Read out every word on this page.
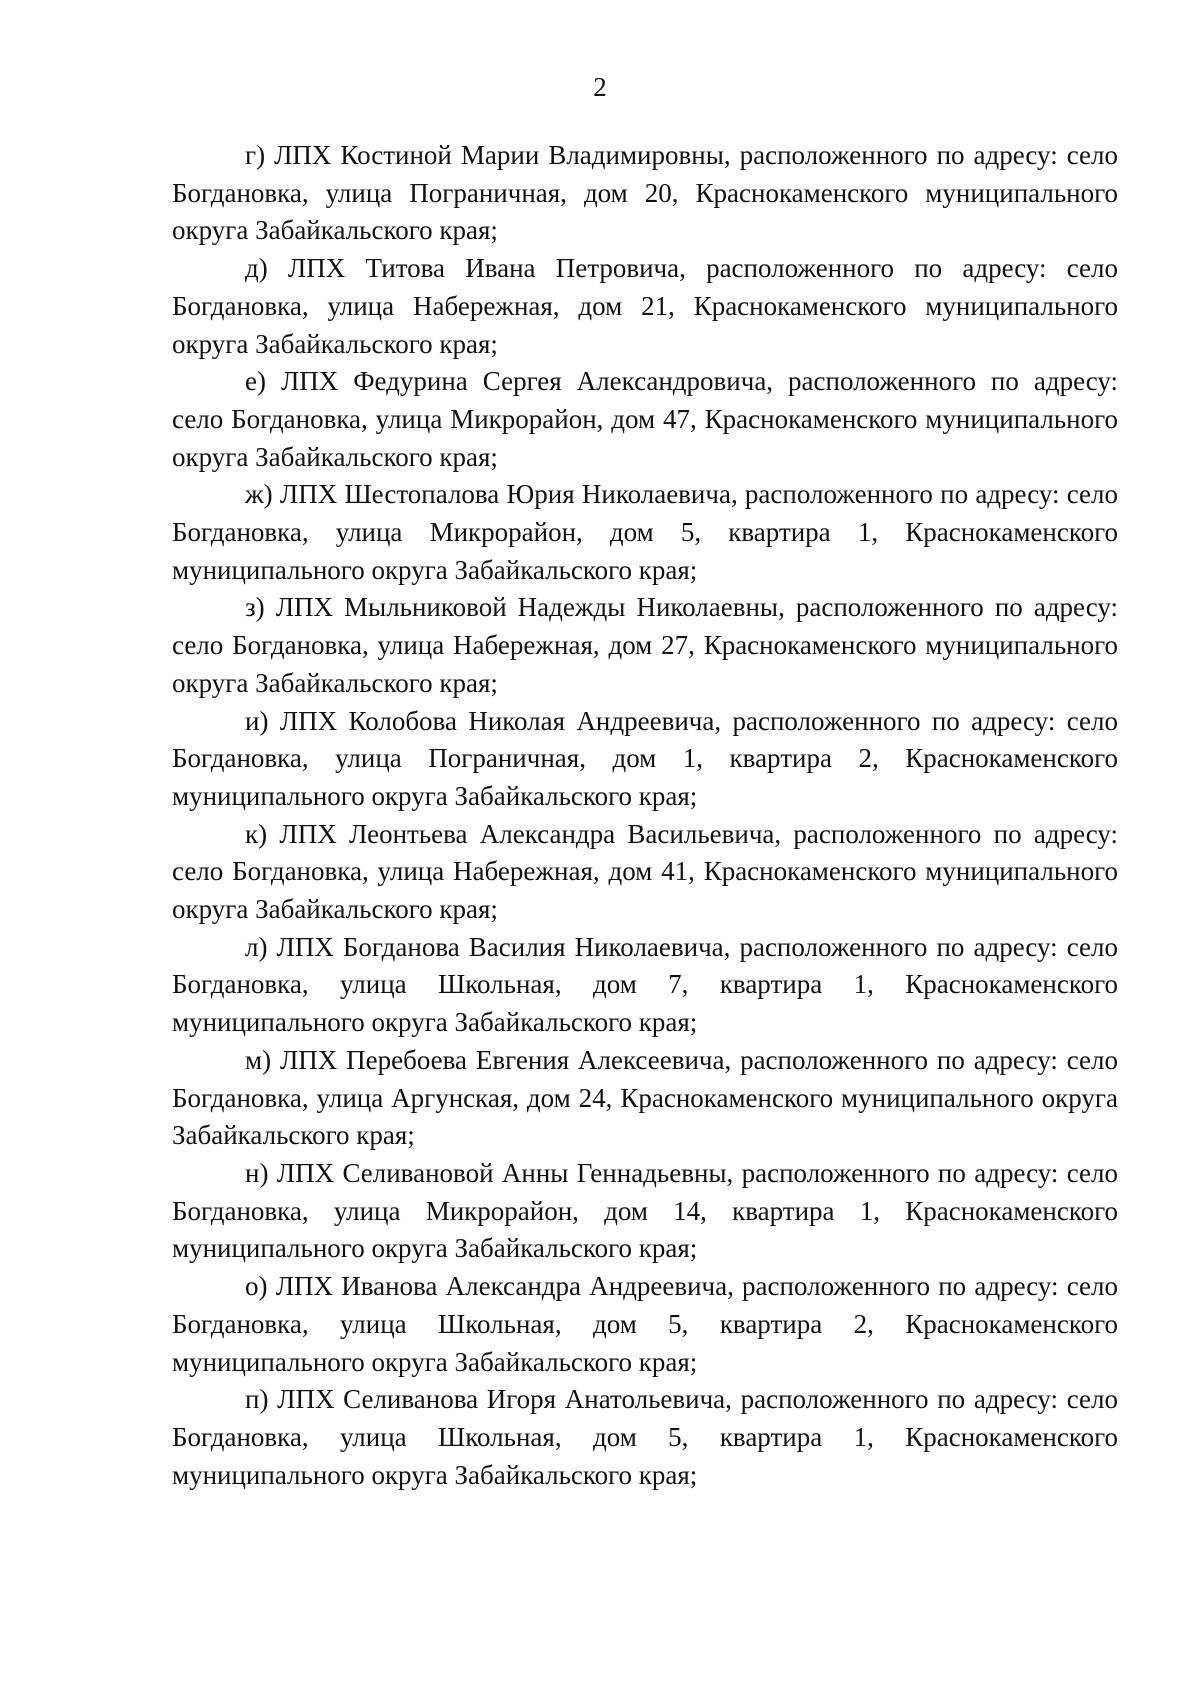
2

г) ЛПХ Костиной Марии Владимировны, расположенного по адресу: село Богдановка, улица Пограничная, дом 20, Краснокаменского муниципального округа Забайкальского края;

д) ЛПХ Титова Ивана Петровича, расположенного по адресу: село Богдановка, улица Набережная, дом 21, Краснокаменского муниципального округа Забайкальского края;

е) ЛПХ Федурина Сергея Александровича, расположенного по адресу: село Богдановка, улица Микрорайон, дом 47, Краснокаменского муниципального округа Забайкальского края;

ж) ЛПХ Шестопалова Юрия Николаевича, расположенного по адресу: село Богдановка, улица Микрорайон, дом 5, квартира 1, Краснокаменского муниципального округа Забайкальского края;

з) ЛПХ Мыльниковой Надежды Николаевны, расположенного по адресу: село Богдановка, улица Набережная, дом 27, Краснокаменского муниципального округа Забайкальского края;

и) ЛПХ Колобова Николая Андреевича, расположенного по адресу: село Богдановка, улица Пограничная, дом 1, квартира 2, Краснокаменского муниципального округа Забайкальского края;

к) ЛПХ Леонтьева Александра Васильевича, расположенного по адресу: село Богдановка, улица Набережная, дом 41, Краснокаменского муниципального округа Забайкальского края;

л) ЛПХ Богданова Василия Николаевича, расположенного по адресу: село Богдановка, улица Школьная, дом 7, квартира 1, Краснокаменского муниципального округа Забайкальского края;

м) ЛПХ Перебоева Евгения Алексеевича, расположенного по адресу: село Богдановка, улица Аргунская, дом 24, Краснокаменского муниципального округа Забайкальского края;

н) ЛПХ Селивановой Анны Геннадьевны, расположенного по адресу: село Богдановка, улица Микрорайон, дом 14, квартира 1, Краснокаменского муниципального округа Забайкальского края;

о) ЛПХ Иванова Александра Андреевича, расположенного по адресу: село Богдановка, улица Школьная, дом 5, квартира 2, Краснокаменского муниципального округа Забайкальского края;

п) ЛПХ Селиванова Игоря Анатольевича, расположенного по адресу: село Богдановка, улица Школьная, дом 5, квартира 1, Краснокаменского муниципального округа Забайкальского края;
